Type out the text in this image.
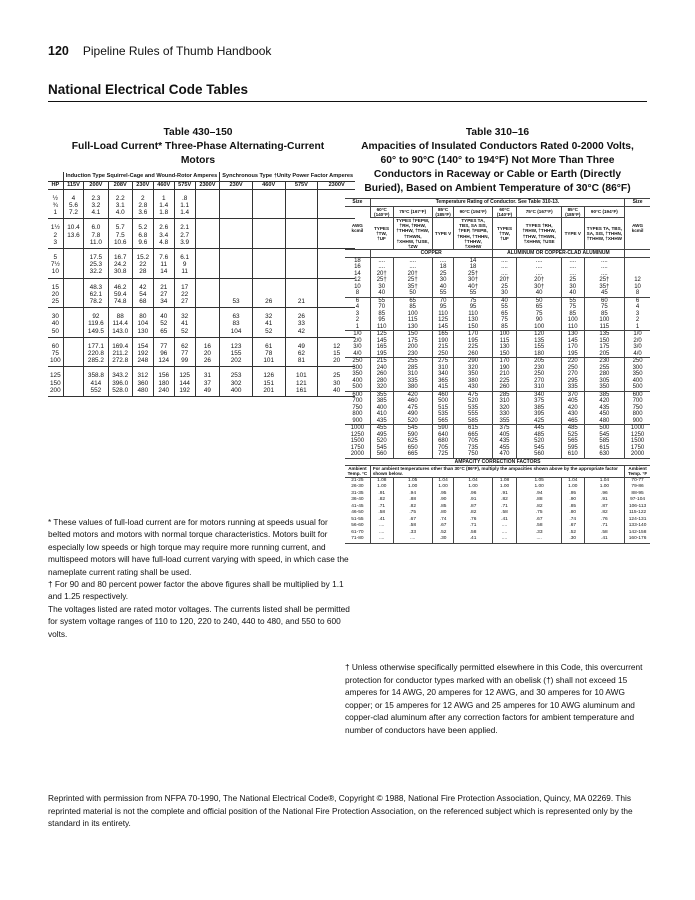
120 Pipeline Rules of Thumb Handbook
National Electrical Code Tables
Table 430–150
Full-Load Current* Three-Phase Alternating-Current
Motors
	Induction Type Squirrel-Cage and Wound-Rotor Amperes							Synchronous Type †Unity Power Factor Amperes			
HP	115V	200V	208V	230V	460V	575V	2300V	230V	460V	575V	2300V
½	4	2.3	2.2	2	1	.8					
¾	5.6	3.2	3.1	2.8	1.4	1.1					
1	7.2	4.1	4.0	3.6	1.8	1.4					
1½	10.4	6.0	5.7	5.2	2.6	2.1					
2	13.6	7.8	7.5	6.8	3.4	2.7					
3		11.0	10.6	9.6	4.8	3.9					
5		17.5	16.7	15.2	7.6	6.1					
7½		25.3	24.2	22	11	9					
10		32.2	30.8	28	14	11					
15		48.3	46.2	42	21	17					
20		62.1	59.4	54	27	22					
25		78.2	74.8	68	34	27		53	26	21	
30		92	88	80	40	32		63	32	26	
40		119.6	114.4	104	52	41		83	41	33	
50		149.5	143.0	130	65	52		104	52	42	
60		177.1	169.4	154	77	62	16	123	61	49	12
75		220.8	211.2	192	96	77	20	155	78	62	15
100		285.2	272.8	248	124	99	26	202	101	81	20
125		358.8	343.2	312	156	125	31	253	126	101	25
150		414	396.0	360	180	144	37	302	151	121	30
200		552	528.0	480	240	192	49	400	201	161	40

* These values of full-load current are for motors running at speeds usual for belted motors and motors with normal torque characteristics. Motors built for especially low speeds or high torque may require more running current, and multispeed motors will have full-load current varying with speed, in which case the nameplate current rating shall be used.

† For 90 and 80 percent power factor the above figures shall be multiplied by 1.1 and 1.25 respectively.

The voltages listed are rated motor voltages. The currents listed shall be permitted for system voltage ranges of 110 to 120, 220 to 240, 440 to 480, and 550 to 600 volts.

Table 310–16
Ampacities of Insulated Conductors Rated 0-2000 Volts,
60° to 90°C (140° to 194°F) Not More Than Three
Conductors in Raceway or Cable or Earth (Directly
Buried), Based on Ambient Temperature of 30°C (86°F)
Size	Temperature Rating of Conductor. See Table 310-13.								Size
AWG kcmil	60°C (140°F)	75°C (167°F)	85°C (185°F)	90°C (194°F)	60°C (140°F)	75°C (167°F)	85°C (185°F)	90°C (194°F)	AWG kcmil
	TYPES †TW, †UF	TYPES †FEPW, †RH, †RHW, †THHW, †THW, †THWN, †XHHW, †USE, †ZW	TYPE V	TYPES TA, TBS, SA SIS, †FEP, †FEPB, †RHH, †THHN, †THHW, †XHHW	TYPES †TW, †UF	TYPES †RH, †RHW, †THHW, †THW, †THWN, †XHHW, †USE	TYPE V	TYPES TA, TBS, SA, SIS, †THHN, †THHW, †XHHW	
	COPPER				ALUMINUM OR COPPER-CLAD ALUMINUM				
18	....	....	....	14	....	....	....	....	
16	....	....	18	18	....	....	....	....	
14	20†	20†	25	25†	....	....	....	....	
12	25†	25†	30	30†	20†	20†	25	25†	12
10	30	35†	40	40†	25	30†	30	35†	10
8	40	50	55	55	30	40	40	45	8
6	55	65	70	75	40	50	55	60	6
4	70	85	95	95	55	65	75	75	4
3	85	100	110	110	65	75	85	85	3
2	95	115	125	130	75	90	100	100	2
1	110	130	145	150	85	100	110	115	1
1/0	125	150	165	170	100	120	130	135	1/0
2/0	145	175	190	195	115	135	145	150	2/0
3/0	165	200	215	225	130	155	170	175	3/0
4/0	195	230	250	260	150	180	195	205	4/0
250	215	255	275	290	170	205	220	230	250
300	240	285	310	320	190	230	250	255	300
350	260	310	340	350	210	250	270	280	350
400	280	335	365	380	225	270	295	305	400
500	320	380	415	430	260	310	335	350	500
600	355	420	460	475	285	340	370	385	600
700	385	460	500	520	310	375	405	420	700
750	400	475	515	535	320	385	420	435	750
800	410	490	535	555	330	395	430	450	800
900	435	520	565	585	355	425	465	480	900
1000	455	545	590	615	375	445	485	500	1000
1250	495	590	640	665	405	485	525	545	1250
1500	520	625	680	705	435	520	565	585	1500
1750	545	650	705	735	455	545	595	615	1750
2000	560	665	725	750	470	560	610	630	2000
AMPACITY CORRECTION FACTORS									
Ambient Temp. °C	For ambient temperatures other than 30°C (86°F), multiply the ampacities shown above by the appropriate factor shown below.								Ambient Temp. °F
21-25	1.08	1.05	1.04	1.04	1.08	1.05	1.04	1.04	70-77
26-30	1.00	1.00	1.00	1.00	1.00	1.00	1.00	1.00	79-86
31-35	.91	.94	.95	.96	.91	.94	.95	.96	88-95
36-40	.82	.88	.90	.91	.82	.88	.90	.91	97-104
41-45	.71	.82	.85	.87	.71	.82	.85	.87	106-113
46-50	.58	.75	.80	.82	.58	.75	.80	.82	115-122
51-55	.41	.67	.74	.76	.41	.67	.74	.76	124-131
56-60	....	.58	.67	.71	....	.58	.67	.71	133-140
61-70	....	.33	.52	.58	....	.33	.52	.58	142-158
71-80	....	....	.30	.41	....	....	.30	.41	160-176
† Unless otherwise specifically permitted elsewhere in this Code, this overcurrent protection for conductor types marked with an obelisk (†) shall not exceed 15 amperes for 14 AWG, 20 amperes for 12 AWG, and 30 amperes for 10 AWG copper; or 15 amperes for 12 AWG and 25 amperes for 10 AWG aluminum and copper-clad aluminum after any correction factors for ambient temperature and number of conductors have been applied.
Reprinted with permission from NFPA 70-1990, The National Electrical Code®, Copyright © 1988, National Fire Protection Association, Quincy, MA 02269. This reprinted material is not the complete and official position of the National Fire Protection Association, on the referenced subject which is represented only by the standard in its entirety.
